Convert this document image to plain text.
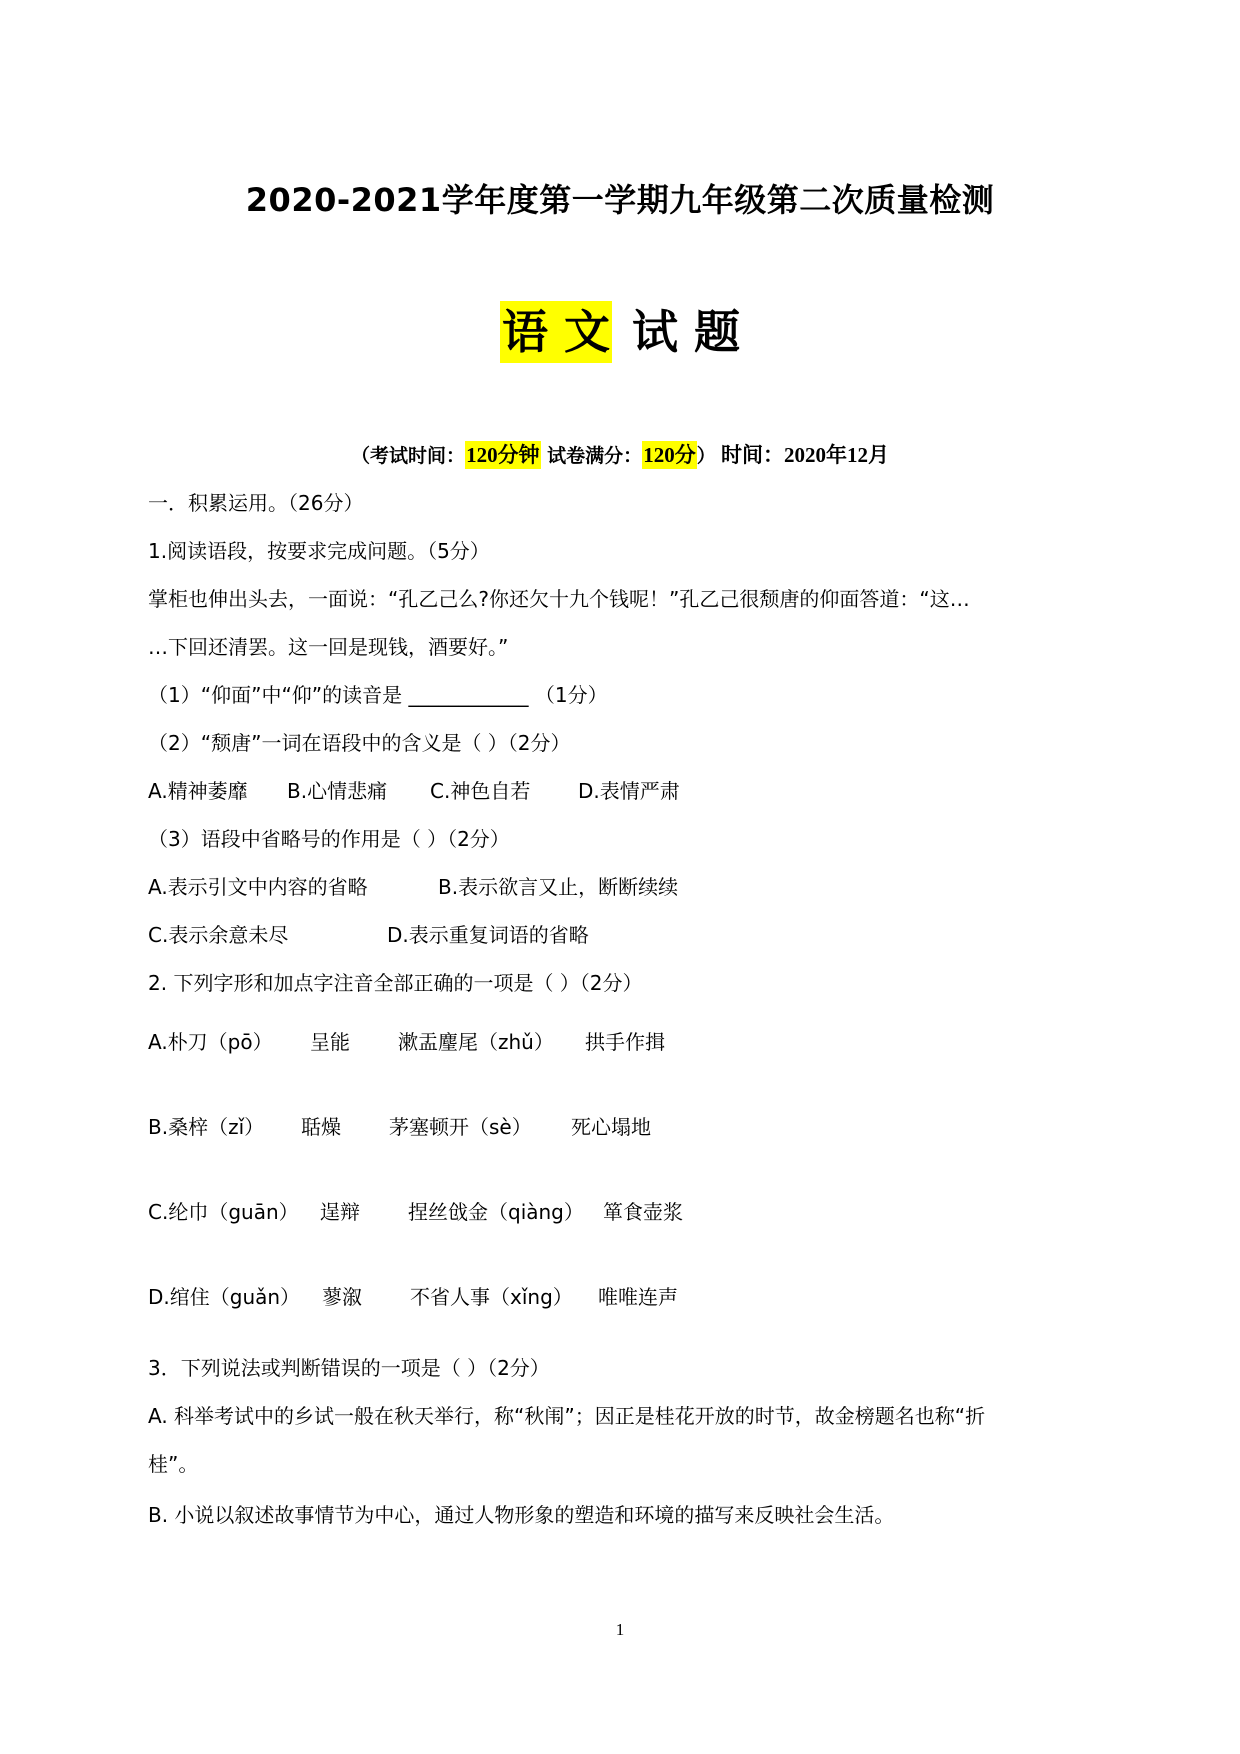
2020-2021学年度第一学期九年级第二次质量检测
语 文 试 题
（考试时间：120分钟 试卷满分：120分） 时间：2020年12月
一．积累运用。（26分）
1.阅读语段，按要求完成问题。（5分）
掌柜也伸出头去，一面说：“孔乙己么?你还欠十九个钱呢！”孔乙己很颓唐的仰面答道：“这…
…下回还清罢。这一回是现钱，酒要好。”
（1）“仰面”中“仰”的读音是 ____________ （1分）
（2）“颓唐”一词在语段中的含义是（ ）（2分）
A.精神萎靡 B.心情悲痛 C.神色自若 D.表情严肃
（3）语段中省略号的作用是（ ）（2分）
A.表示引文中内容的省略	B.表示欲言又止，断断续续
C.表示余意未尽	D.表示重复词语的省略
2. 下列字形和加点字注音全部正确的一项是（ ）（2分）
A.朴刀（pō） 呈能 漱盂麈尾（zhǔ） 拱手作揖
B.桑梓（zǐ） 聒燥 茅塞顿开（sè） 死心塌地
C.纶巾（guān） 逞辩 捏丝戗金（qiàng） 箪食壶浆
D.绾住（guǎn） 蓼溆 不省人事（xǐng） 唯唯连声
3．下列说法或判断错误的一项是（ ）（2分）
A. 科举考试中的乡试一般在秋天举行，称“秋闱”；因正是桂花开放的时节，故金榜题名也称“折
桂”。
B. 小说以叙述故事情节为中心，通过人物形象的塑造和环境的描写来反映社会生活。
1
